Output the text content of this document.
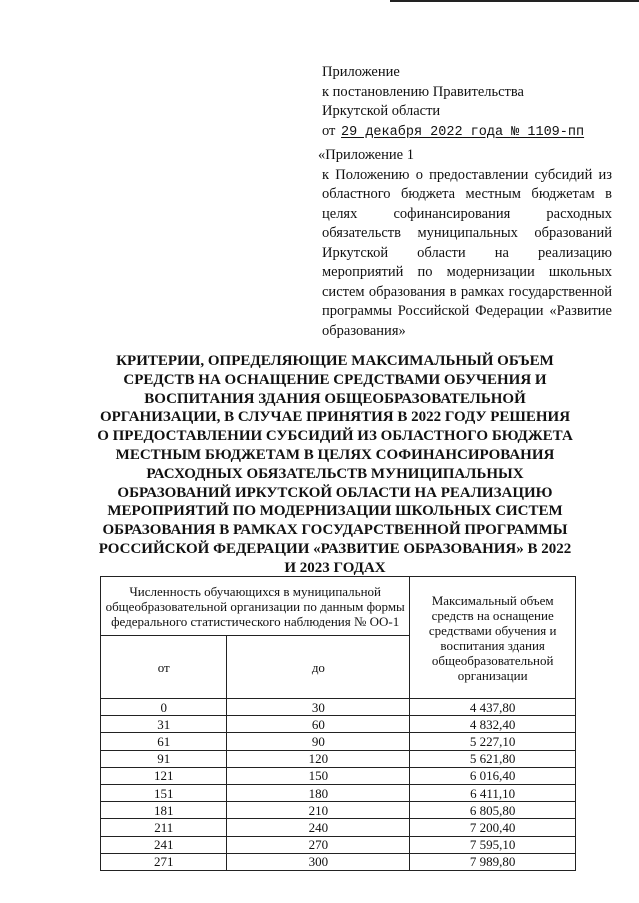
Приложение
к постановлению Правительства
Иркутской области
от 29 декабря 2022 года № 1109-пп
«Приложение 1
к Положению о предоставлении субсидий из областного бюджета местным бюджетам в целях софинансирования расходных обязательств муниципальных образований Иркутской области на реализацию мероприятий по модернизации школьных систем образования в рамках государственной программы Российской Федерации «Развитие образования»
КРИТЕРИИ, ОПРЕДЕЛЯЮЩИЕ МАКСИМАЛЬНЫЙ ОБЪЕМ СРЕДСТВ НА ОСНАЩЕНИЕ СРЕДСТВАМИ ОБУЧЕНИЯ И ВОСПИТАНИЯ ЗДАНИЯ ОБЩЕОБРАЗОВАТЕЛЬНОЙ ОРГАНИЗАЦИИ, В СЛУЧАЕ ПРИНЯТИЯ В 2022 ГОДУ РЕШЕНИЯ О ПРЕДОСТАВЛЕНИИ СУБСИДИЙ ИЗ ОБЛАСТНОГО БЮДЖЕТА МЕСТНЫМ БЮДЖЕТАМ В ЦЕЛЯХ СОФИНАНСИРОВАНИЯ РАСХОДНЫХ ОБЯЗАТЕЛЬСТВ МУНИЦИПАЛЬНЫХ ОБРАЗОВАНИЙ ИРКУТСКОЙ ОБЛАСТИ НА РЕАЛИЗАЦИЮ МЕРОПРИЯТИЙ ПО МОДЕРНИЗАЦИИ ШКОЛЬНЫХ СИСТЕМ ОБРАЗОВАНИЯ В РАМКАХ ГОСУДАРСТВЕННОЙ ПРОГРАММЫ РОССИЙСКОЙ ФЕДЕРАЦИИ «РАЗВИТИЕ ОБРАЗОВАНИЯ» В 2022 И 2023 ГОДАХ
Численность обучающихся в муниципальной общеобразовательной организации по данным формы федерального статистического наблюдения № ОО-1		Максимальный объем средств на оснащение средствами обучения и воспитания здания общеобразовательной организации
от	до	
0	30	4 437,80
31	60	4 832,40
61	90	5 227,10
91	120	5 621,80
121	150	6 016,40
151	180	6 411,10
181	210	6 805,80
211	240	7 200,40
241	270	7 595,10
271	300	7 989,80
